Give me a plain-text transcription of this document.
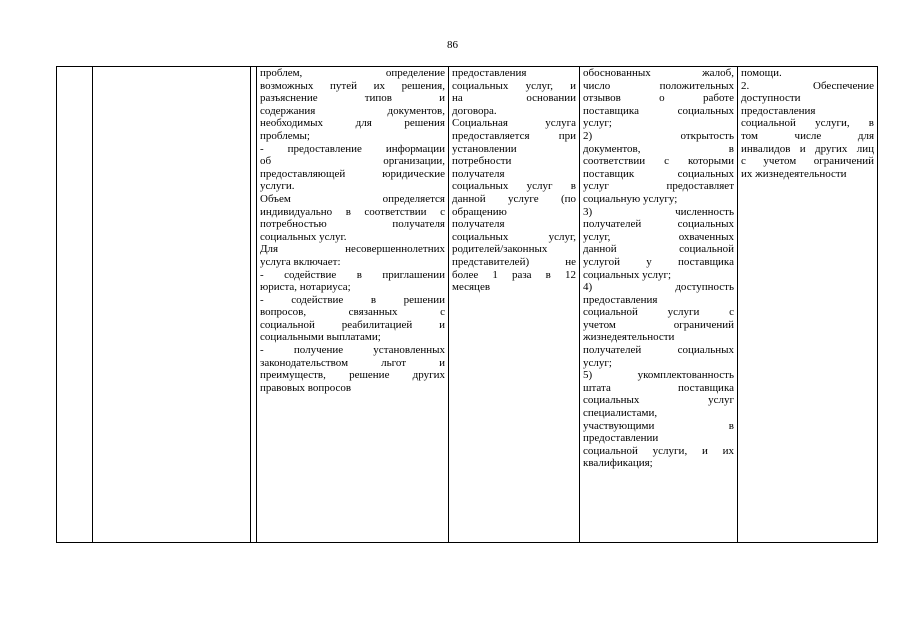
86

проблем, определение
возможных путей их решения,
разъяснение типов и
содержания документов,
необходимых для решения
проблемы;
- предоставление информации
об организации,
предоставляющей юридические
услуги.
Объем определяется
индивидуально в соответствии с
потребностью получателя
социальных услуг.
Для несовершеннолетних
услуга включает:
- содействие в приглашении
юриста, нотариуса;
- содействие в решении
вопросов, связанных с
социальной реабилитацией и
социальными выплатами;
- получение установленных
законодательством льгот и
преимуществ, решение других
правовых вопросов

предоставления
социальных услуг, и
на основании
договора.
Социальная услуга
предоставляется при
установлении
потребности
получателя
социальных услуг в
данной услуге (по
обращению
получателя
социальных услуг,
родителей/законных
представителей) не
более 1 раза в 12
месяцев

обоснованных жалоб,
число положительных
отзывов о работе
поставщика социальных
услуг;
2) открытость
документов, в
соответствии с которыми
поставщик социальных
услуг предоставляет
социальную услугу;
3) численность
получателей социальных
услуг, охваченных
данной социальной
услугой у поставщика
социальных услуг;
4) доступность
предоставления
социальной услуги с
учетом ограничений
жизнедеятельности
получателей социальных
услуг;
5) укомплектованность
штата поставщика
социальных услуг
специалистами,
участвующими в
предоставлении
социальной услуги, и их
квалификация;

помощи.
2. Обеспечение
доступности
предоставления
социальной услуги, в
том числе для
инвалидов и других лиц
с учетом ограничений
их жизнедеятельности
